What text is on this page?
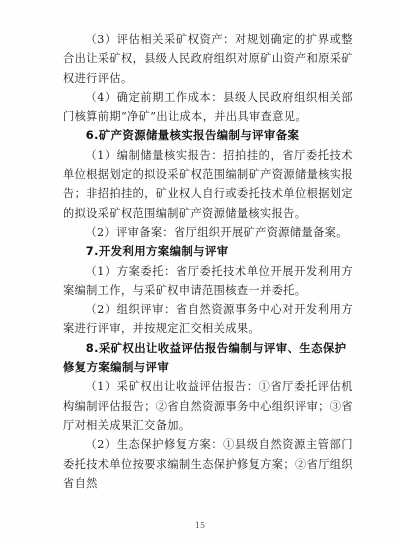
（3）评估相关采矿权资产：对规划确定的扩界或整合出让采矿权，县级人民政府组织对原矿山资产和原采矿权进行评估。

（4）确定前期工作成本：县级人民政府组织相关部门核算前期“净矿”出让成本，并出具审查意见。

6.矿产资源储量核实报告编制与评审备案

（1）编制储量核实报告：招拍挂的，省厅委托技术单位根据划定的拟设采矿权范围编制矿产资源储量核实报告；非招拍挂的，矿业权人自行或委托技术单位根据划定的拟设采矿权范围编制矿产资源储量核实报告。

（2）评审备案：省厅组织开展矿产资源储量备案。

7.开发利用方案编制与评审

（1）方案委托：省厅委托技术单位开展开发利用方案编制工作，与采矿权申请范围核查一并委托。

（2）组织评审：省自然资源事务中心对开发利用方案进行评审，并按规定汇交相关成果。

8.采矿权出让收益评估报告编制与评审、生态保护修复方案编制与评审

（1）采矿权出让收益评估报告：①省厅委托评估机构编制评估报告；②省自然资源事务中心组织评审；③省厅对相关成果汇交备加。

（2）生态保护修复方案：①县级自然资源主管部门委托技术单位按要求编制生态保护修复方案；②省厅组织省自然

15
